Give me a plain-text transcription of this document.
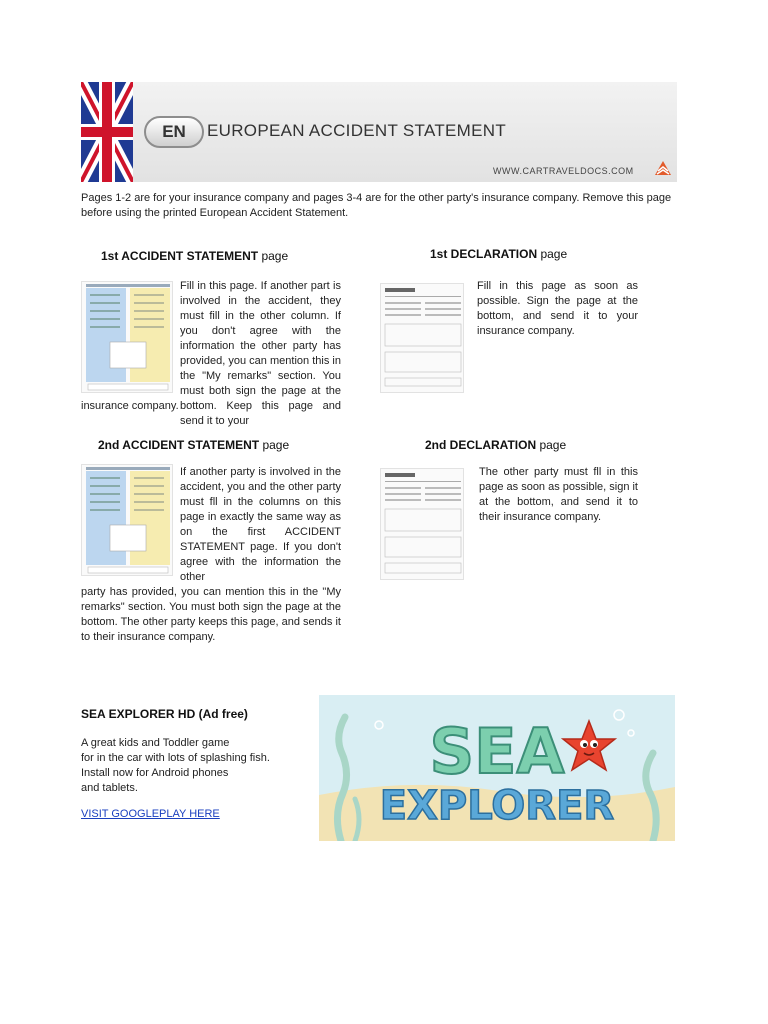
EN	EUROPEAN ACCIDENT STATEMENT
WWW.CARTRAVELDOCS.COM
Pages 1-2 are for your insurance company and pages 3-4 are for the other party's insurance company. Remove this page before using the printed European Accident Statement.
1st ACCIDENT STATEMENT page
Fill in this page. If another part is involved in the accident, they must fill in the other column. If you don't agree with the information the other party has provided, you can mention this in the "My remarks" section. You must both sign the page at the bottom. Keep this page and send it to your
insurance company.
1st DECLARATION page
Fill in this page as soon as possible. Sign the page at the bottom, and send it to your insurance company.
2nd ACCIDENT STATEMENT page
If another party is involved in the accident, you and the other party must fll in the columns on this page in exactly the same way as on the first ACCIDENT STATEMENT page. If you don't agree with the information the other
party has provided, you can mention this in the "My remarks" section. You must both sign the page at the bottom. The other party keeps this page, and sends it to their insurance company.
2nd DECLARATION page
The other party must fll in this page as soon as possible, sign it at the bottom, and send it to their insurance company.
SEA EXPLORER HD (Ad free)
A great kids and Toddler game
for in the car with lots of splashing fish.
Install now for Android phones
and tablets.
VISIT GOOGLEPLAY HERE
SEA
EXPLORER
